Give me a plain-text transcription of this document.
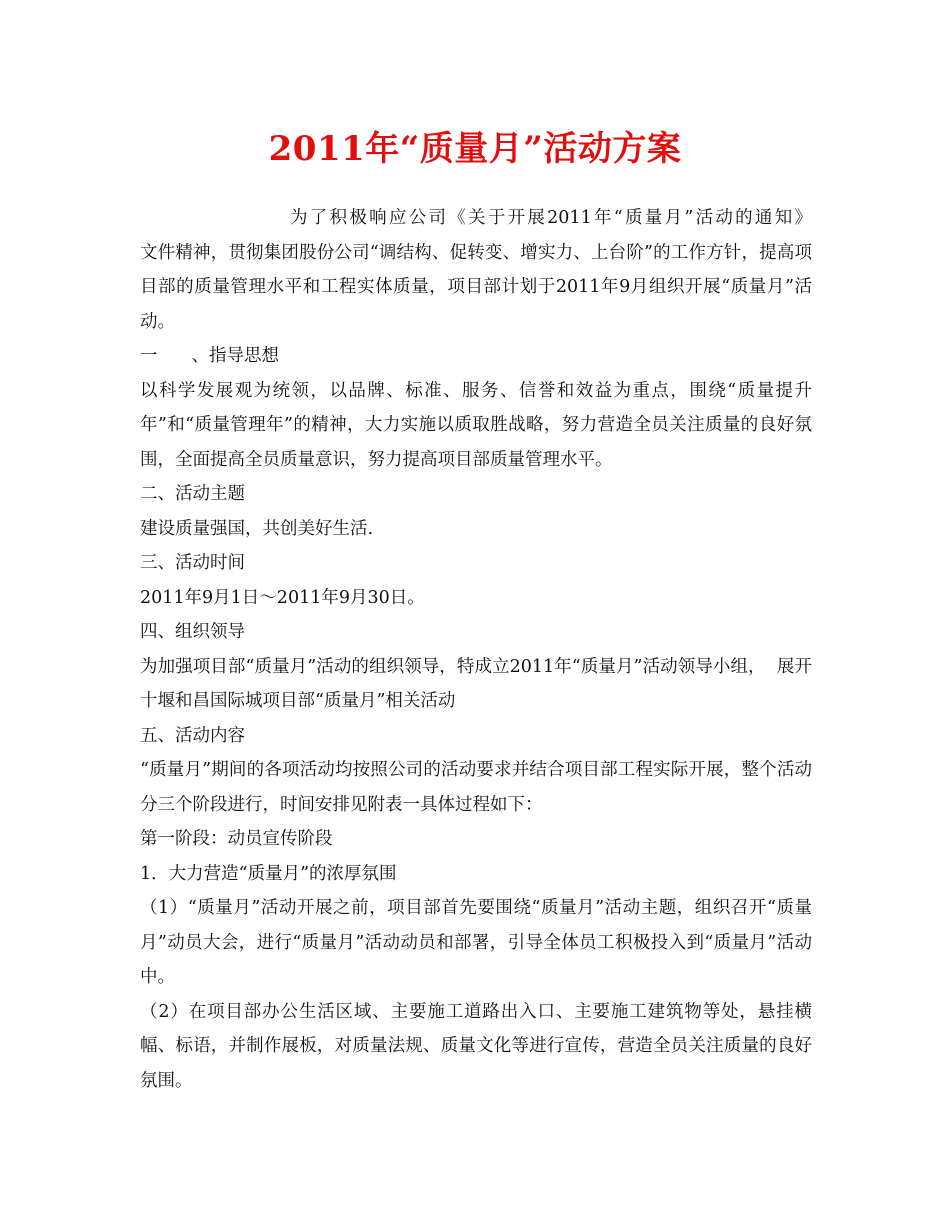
2011年“质量月”活动方案

为了积极响应公司《关于开展2011年“质量月”活动的通知》
文件精神，贯彻集团股份公司“调结构、促转变、增实力、上台阶”的工作方针，提高项目部的质量管理水平和工程实体质量，项目部计划于2011年9月组织开展“质量月”活动。

一 、指导思想

以科学发展观为统领，以品牌、标准、服务、信誉和效益为重点，围绕“质量提升年”和“质量管理年”的精神，大力实施以质取胜战略，努力营造全员关注质量的良好氛围，全面提高全员质量意识，努力提高项目部质量管理水平。

二、活动主题

建设质量强国，共创美好生活.

三、活动时间

2011年9月1日～2011年9月30日。

四、组织领导

为加强项目部“质量月”活动的组织领导，特成立2011年“质量月”活动领导小组，  展开十堰和昌国际城项目部“质量月”相关活动

五、活动内容

“质量月”期间的各项活动均按照公司的活动要求并结合项目部工程实际开展，整个活动分三个阶段进行，时间安排见附表一具体过程如下：

第一阶段：动员宣传阶段

1．大力营造“质量月”的浓厚氛围

（1）“质量月”活动开展之前，项目部首先要围绕“质量月”活动主题，组织召开“质量月”动员大会，进行“质量月”活动动员和部署，引导全体员工积极投入到“质量月”活动中。

（2）在项目部办公生活区域、主要施工道路出入口、主要施工建筑物等处，悬挂横幅、标语，并制作展板，对质量法规、质量文化等进行宣传，营造全员关注质量的良好氛围。
